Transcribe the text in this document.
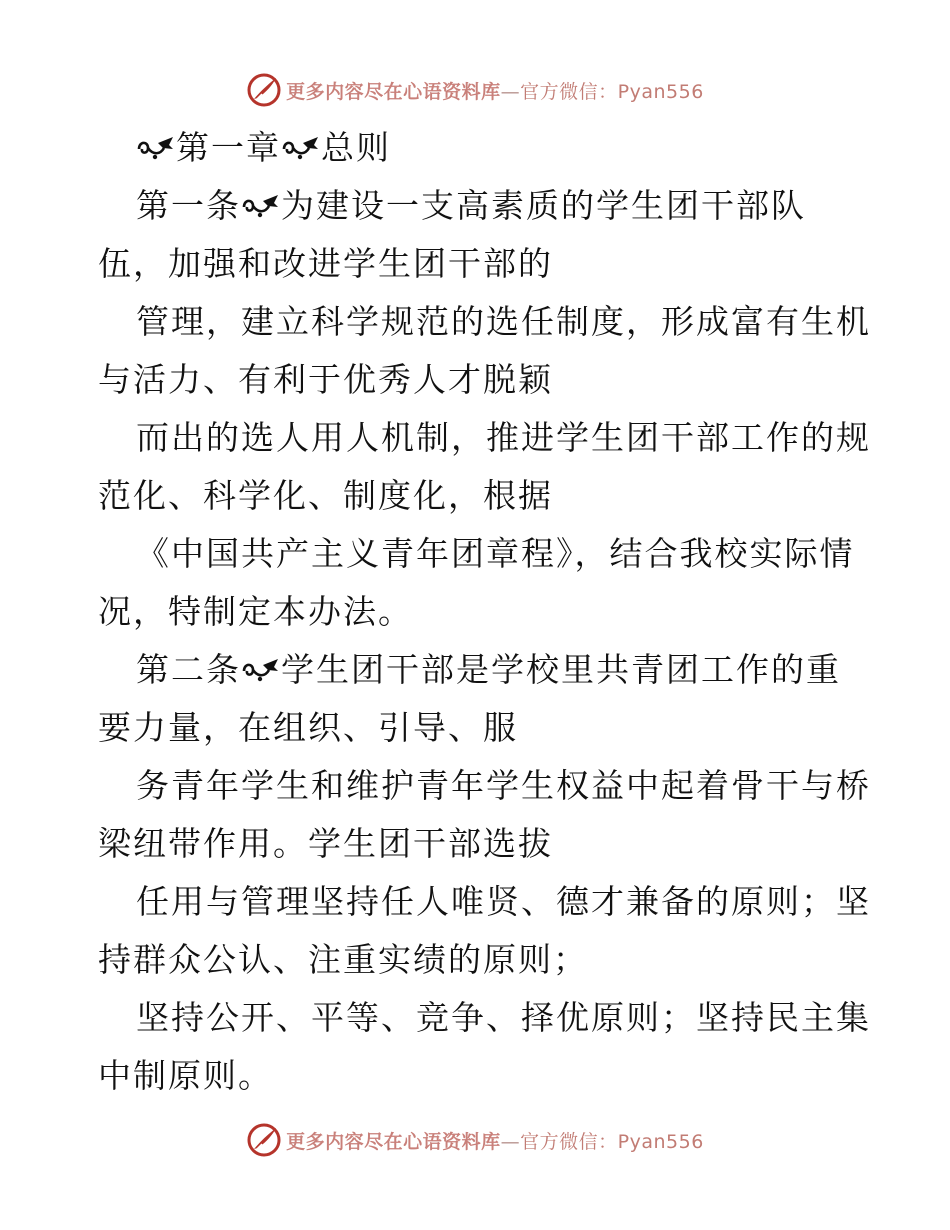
更多内容尽在心语资料库—官方微信：Pyan556
第一章 总则
第一条 为建设一支高素质的学生团干部队
伍，加强和改进学生团干部的
管理，建立科学规范的选任制度，形成富有生机
与活力、有利于优秀人才脱颖
而出的选人用人机制，推进学生团干部工作的规
范化、科学化、制度化，根据
《中国共产主义青年团章程》，结合我校实际情
况，特制定本办法。
第二条 学生团干部是学校里共青团工作的重
要力量，在组织、引导、服
务青年学生和维护青年学生权益中起着骨干与桥
梁纽带作用。学生团干部选拔
任用与管理坚持任人唯贤、德才兼备的原则；坚
持群众公认、注重实绩的原则；
坚持公开、平等、竞争、择优原则；坚持民主集
中制原则。
更多内容尽在心语资料库—官方微信：Pyan556
